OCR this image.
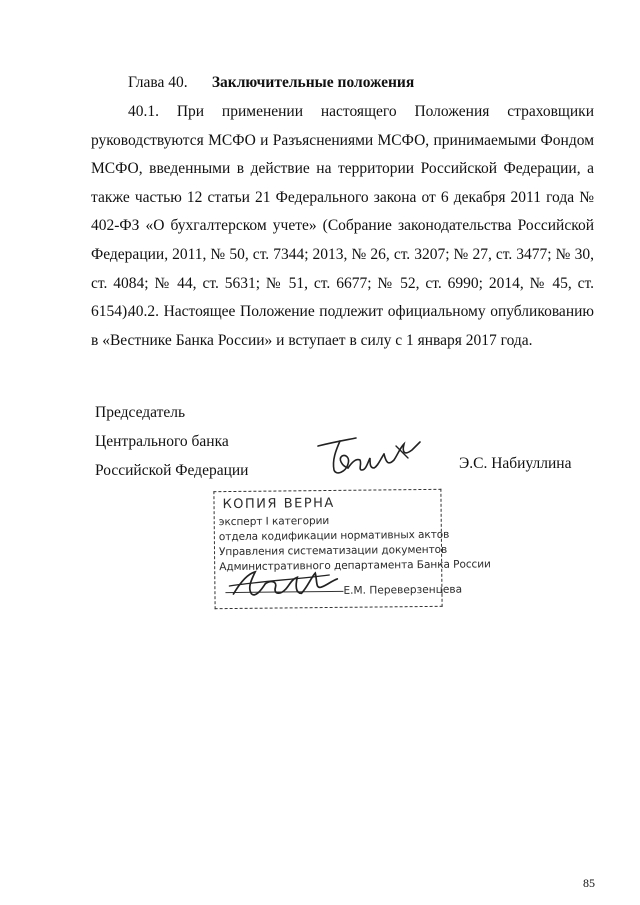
Глава 40. Заключительные положения

40.1. При применении настоящего Положения страховщики руководствуются МСФО и Разъяснениями МСФО, принимаемыми Фондом МСФО, введенными в действие на территории Российской Федерации, а также частью 12 статьи 21 Федерального закона от 6 декабря 2011 года № 402-ФЗ «О бухгалтерском учете» (Собрание законодательства Российской Федерации, 2011, № 50, ст. 7344; 2013, № 26, ст. 3207; № 27, ст. 3477; № 30, ст. 4084; № 44, ст. 5631; № 51, ст. 6677; № 52, ст. 6990; 2014, № 45, ст. 6154).

40.2. Настоящее Положение подлежит официальному опубликованию в «Вестнике Банка России» и вступает в силу с 1 января 2017 года.

Председатель
Центрального банка
Российской Федерации	Э.С. Набиуллина
КОПИЯ ВЕРНА
эксперт I категории
отдела кодификации нормативных актов
Управления систематизации документов
Административного департамента Банка России
Е.М. Переверзенцева
85
